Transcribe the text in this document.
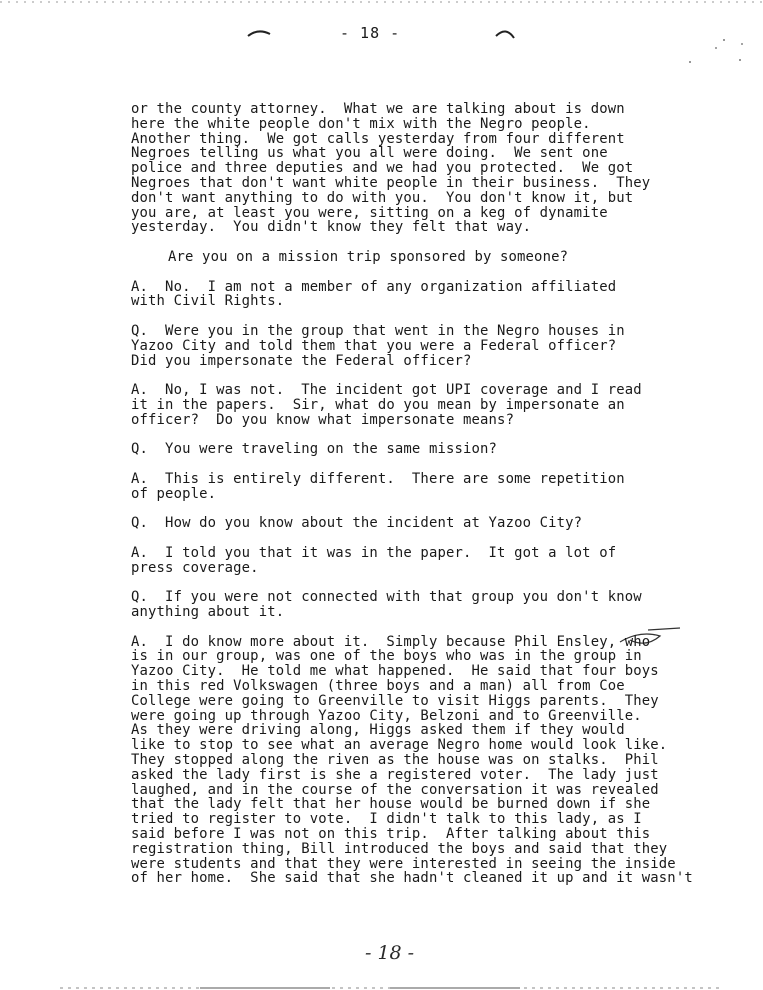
- 18 -

or the county attorney.  What we are talking about is down

here the white people don't mix with the Negro people.

Another thing.  We got calls yesterday from four different

Negroes telling us what you all were doing.  We sent one

police and three deputies and we had you protected.  We got

Negroes that don't want white people in their business.  They

don't want anything to do with you.  You don't know it, but

you are, at least you were, sitting on a keg of dynamite

yesterday.  You didn't know they felt that way.

Are you on a mission trip sponsored by someone?

A.  No.  I am not a member of any organization affiliated

with Civil Rights.

Q.  Were you in the group that went in the Negro houses in

Yazoo City and told them that you were a Federal officer?

Did you impersonate the Federal officer?

A.  No, I was not.  The incident got UPI coverage and I read

it in the papers.  Sir, what do you mean by impersonate an

officer?  Do you know what impersonate means?

Q.  You were traveling on the same mission?

A.  This is entirely different.  There are some repetition

of people.

Q.  How do you know about the incident at Yazoo City?

A.  I told you that it was in the paper.  It got a lot of

press coverage.

Q.  If you were not connected with that group you don't know

anything about it.

A.  I do know more about it.  Simply because Phil Ensley, who

is in our group, was one of the boys who was in the group in

Yazoo City.  He told me what happened.  He said that four boys

in this red Volkswagen (three boys and a man) all from Coe

College were going to Greenville to visit Higgs parents.  They

were going up through Yazoo City, Belzoni and to Greenville.

As they were driving along, Higgs asked them if they would

like to stop to see what an average Negro home would look like.

They stopped along the riven as the house was on stalks.  Phil

asked the lady first is she a registered voter.  The lady just

laughed, and in the course of the conversation it was revealed

that the lady felt that her house would be burned down if she

tried to register to vote.  I didn't talk to this lady, as I

said before I was not on this trip.  After talking about this

registration thing, Bill introduced the boys and said that they

were students and that they were interested in seeing the inside

of her home.  She said that she hadn't cleaned it up and it wasn't

- 18 -
